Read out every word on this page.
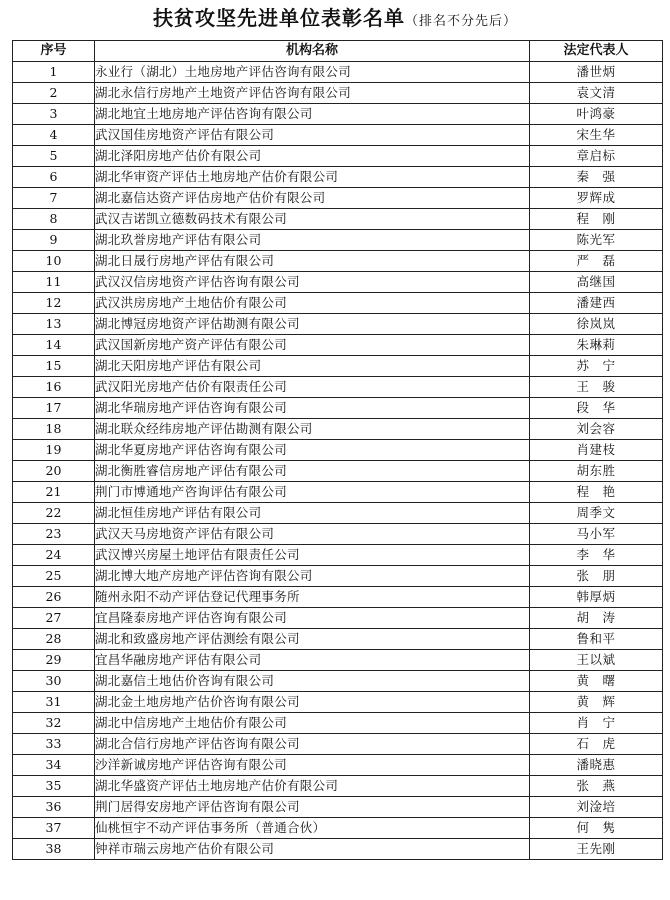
扶贫攻坚先进单位表彰名单（排名不分先后）
序号	机构名称	法定代表人
1	永业行（湖北）土地房地产评估咨询有限公司	潘世炳
2	湖北永信行房地产土地资产评估咨询有限公司	袁文清
3	湖北地宜土地房地产评估咨询有限公司	叶鸿豪
4	武汉国佳房地资产评估有限公司	宋生华
5	湖北泽阳房地产估价有限公司	章启标
6	湖北华审资产评估土地房地产估价有限公司	秦　强
7	湖北嘉信达资产评估房地产估价有限公司	罗辉成
8	武汉吉诺凯立德数码技术有限公司	程　刚
9	湖北玖誉房地产评估有限公司	陈光军
10	湖北日晟行房地产评估有限公司	严　磊
11	武汉汉信房地资产评估咨询有限公司	高继国
12	武汉洪房房地产土地估价有限公司	潘建西
13	湖北博冠房地资产评估勘测有限公司	徐岚岚
14	武汉国新房地产资产评估有限公司	朱琳莉
15	湖北天阳房地产评估有限公司	苏　宁
16	武汉阳光房地产估价有限责任公司	王　骏
17	湖北华瑞房地产评估咨询有限公司	段　华
18	湖北联众经纬房地产评估勘测有限公司	刘会容
19	湖北华夏房地产评估咨询有限公司	肖建枝
20	湖北衡胜睿信房地产评估有限公司	胡东胜
21	荆门市博通地产咨询评估有限公司	程　艳
22	湖北恒佳房地产评估有限公司	周季文
23	武汉天马房地资产评估有限公司	马小军
24	武汉博兴房屋土地评估有限责任公司	李　华
25	湖北博大地产房地产评估咨询有限公司	张　朋
26	随州永阳不动产评估登记代理事务所	韩厚炳
27	宜昌隆泰房地产评估咨询有限公司	胡　涛
28	湖北和致盛房地产评估测绘有限公司	鲁和平
29	宜昌华融房地产评估有限公司	王以斌
30	湖北嘉信土地估价咨询有限公司	黄　曙
31	湖北金土地房地产估价咨询有限公司	黄　辉
32	湖北中信房地产土地估价有限公司	肖　宁
33	湖北合信行房地产评估咨询有限公司	石　虎
34	沙洋新诚房地产评估咨询有限公司	潘晓惠
35	湖北华盛资产评估土地房地产估价有限公司	张　燕
36	荆门居得安房地产评估咨询有限公司	刘淦培
37	仙桃恒宇不动产评估事务所（普通合伙）	何　隽
38	钟祥市瑞云房地产估价有限公司	王先刚
